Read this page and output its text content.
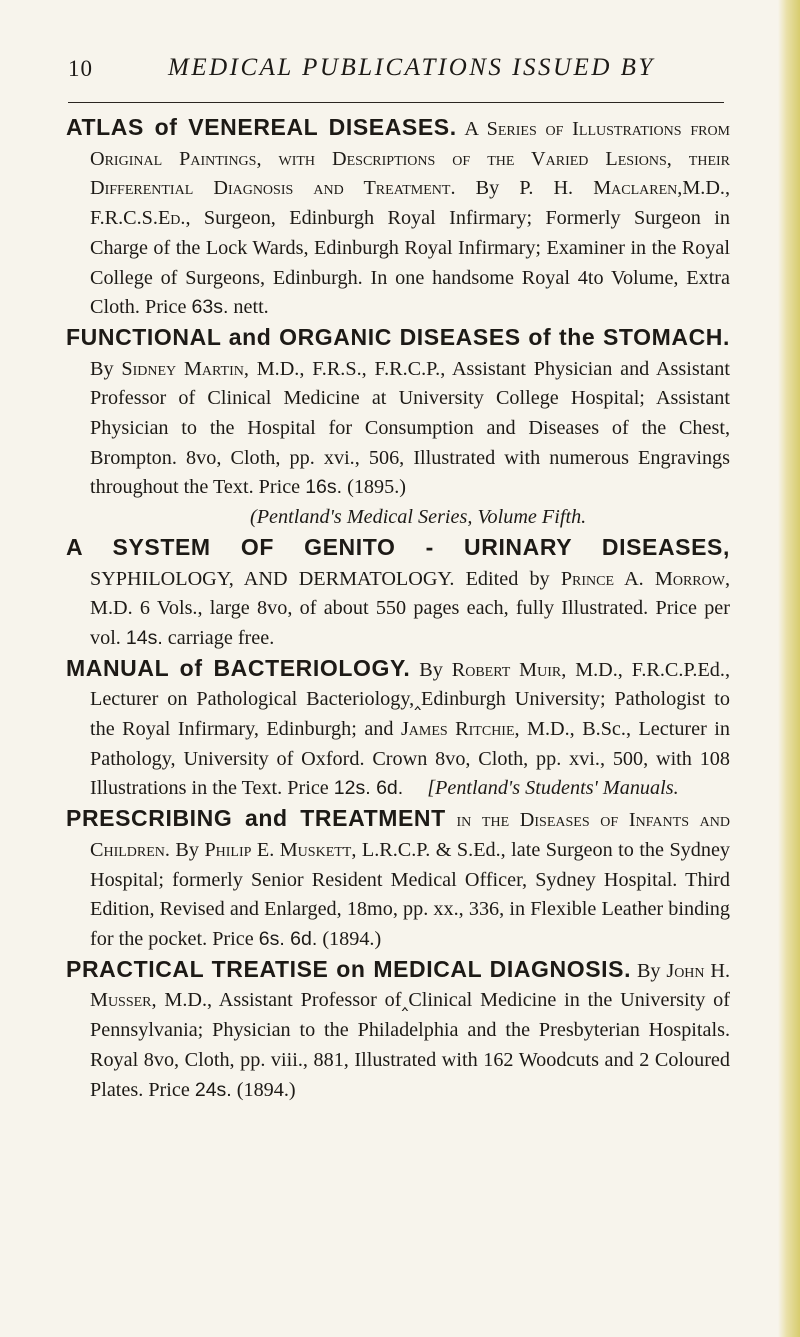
10	MEDICAL PUBLICATIONS ISSUED BY

ATLAS of VENEREAL DISEASES. A Series of Illustrations from Original Paintings, with Descriptions of the Varied Lesions, their Differential Diagnosis and Treatment. By P. H. Maclaren,M.D., F.R.C.S.Ed., Surgeon, Edinburgh Royal Infirmary; Formerly Surgeon in Charge of the Lock Wards, Edinburgh Royal Infirmary; Examiner in the Royal College of Surgeons, Edinburgh. In one handsome Royal 4to Volume, Extra Cloth. Price 63s. nett.

FUNCTIONAL and ORGANIC DISEASES of the STOMACH. By Sidney Martin, M.D., F.R.S., F.R.C.P., Assistant Physician and Assistant Professor of Clinical Medicine at University College Hospital; Assistant Physician to the Hospital for Consumption and Diseases of the Chest, Brompton. 8vo, Cloth, pp. xvi., 506, Illustrated with numerous Engravings throughout the Text. Price 16s. (1895.)
(Pentland's Medical Series, Volume Fifth.

A SYSTEM OF GENITO - URINARY DISEASES, SYPHILOLOGY, AND DERMATOLOGY. Edited by Prince A. Morrow, M.D. 6 Vols., large 8vo, of about 550 pages each, fully Illustrated. Price per vol. 14s. carriage free.

MANUAL of BACTERIOLOGY. By Robert Muir, M.D., F.R.C.P.Ed., Lecturer on Pathological Bacteriology,‸Edinburgh University; Pathologist to the Royal Infirmary, Edinburgh; and James Ritchie, M.D., B.Sc., Lecturer in Pathology, University of Oxford. Crown 8vo, Cloth, pp. xvi., 500, with 108 Illustrations in the Text. Price 12s. 6d. [Pentland's Students' Manuals.

PRESCRIBING and TREATMENT in the Diseases of Infants and Children. By Philip E. Muskett, L.R.C.P. & S.Ed., late Surgeon to the Sydney Hospital; formerly Senior Resident Medical Officer, Sydney Hospital. Third Edition, Revised and Enlarged, 18mo, pp. xx., 336, in Flexible Leather binding for the pocket. Price 6s. 6d. (1894.)

PRACTICAL TREATISE on MEDICAL DIAGNOSIS. By John H. Musser, M.D., Assistant Professor of‸Clinical Medicine in the University of Pennsylvania; Physician to the Philadelphia and the Presbyterian Hospitals. Royal 8vo, Cloth, pp. viii., 881, Illustrated with 162 Woodcuts and 2 Coloured Plates. Price 24s. (1894.)
